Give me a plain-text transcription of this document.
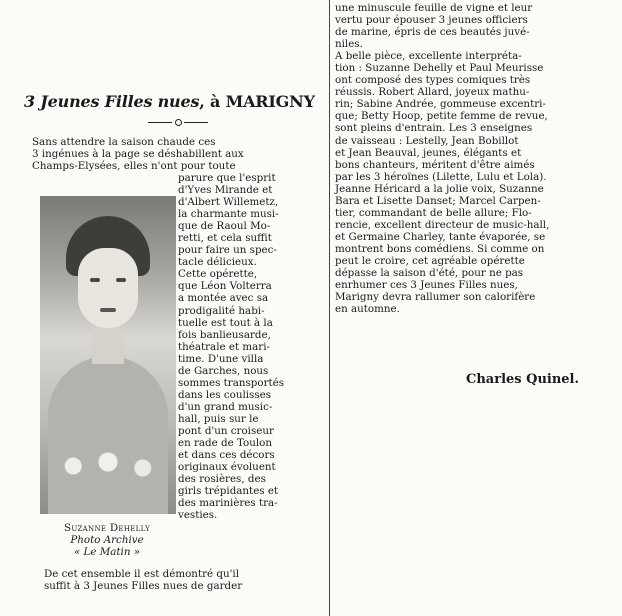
3 Jeunes Filles nues, à MARIGNY
Sans attendre la saison chaude ces
3 ingénues à la page se déshabillent aux
Champs-Elysées, elles n'ont pour toute
Suzanne Dehelly
Photo Archive
« Le Matin »
parure que l'esprit
d'Yves Mirande et
d'Albert Willemetz,
la charmante musi-
que de Raoul Mo-
retti, et cela suffit
pour faire un spec-
tacle délicieux.
Cette opérette,
que Léon Volterra
a montée avec sa
prodigalité habi-
tuelle est tout à la
fois banlieusarde,
théatrale et mari-
time. D'une villa
de Garches, nous
sommes transportés
dans les coulisses
d'un grand music-
hall, puis sur le
pont d'un croiseur
en rade de Toulon
et dans ces décors
originaux évoluent
des rosières, des
girls trépidantes et
des marinières tra-
vesties.
De cet ensemble il est démontré qu'il
suffit à 3 Jeunes Filles nues de garder
une minuscule feuille de vigne et leur
vertu pour épouser 3 jeunes officiers
de marine, épris de ces beautés juvé-
niles.
A belle pièce, excellente interpréta-
tion : Suzanne Dehelly et Paul Meurisse
ont composé des types comiques très
réussis. Robert Allard, joyeux mathu-
rin; Sabine Andrée, gommeuse excentri-
que; Betty Hoop, petite femme de revue,
sont pleins d'entrain. Les 3 enseignes
de vaisseau : Lestelly, Jean Bobillot
et Jean Beauval, jeunes, élégants et
bons chanteurs, méritent d'être aimés
par les 3 héroïnes (Lilette, Lulu et Lola).
Jeanne Héricard a la jolie voix, Suzanne
Bara et Lisette Danset; Marcel Carpen-
tier, commandant de belle allure; Flo-
rencie, excellent directeur de music-hall,
et Germaine Charley, tante évaporée, se
montrent bons comédiens. Si comme on
peut le croire, cet agréable opérette
dépasse la saison d'été, pour ne pas
enrhumer ces 3 Jeunes Filles nues,
Marigny devra rallumer son calorifère
en automne.
Charles Quinel.
